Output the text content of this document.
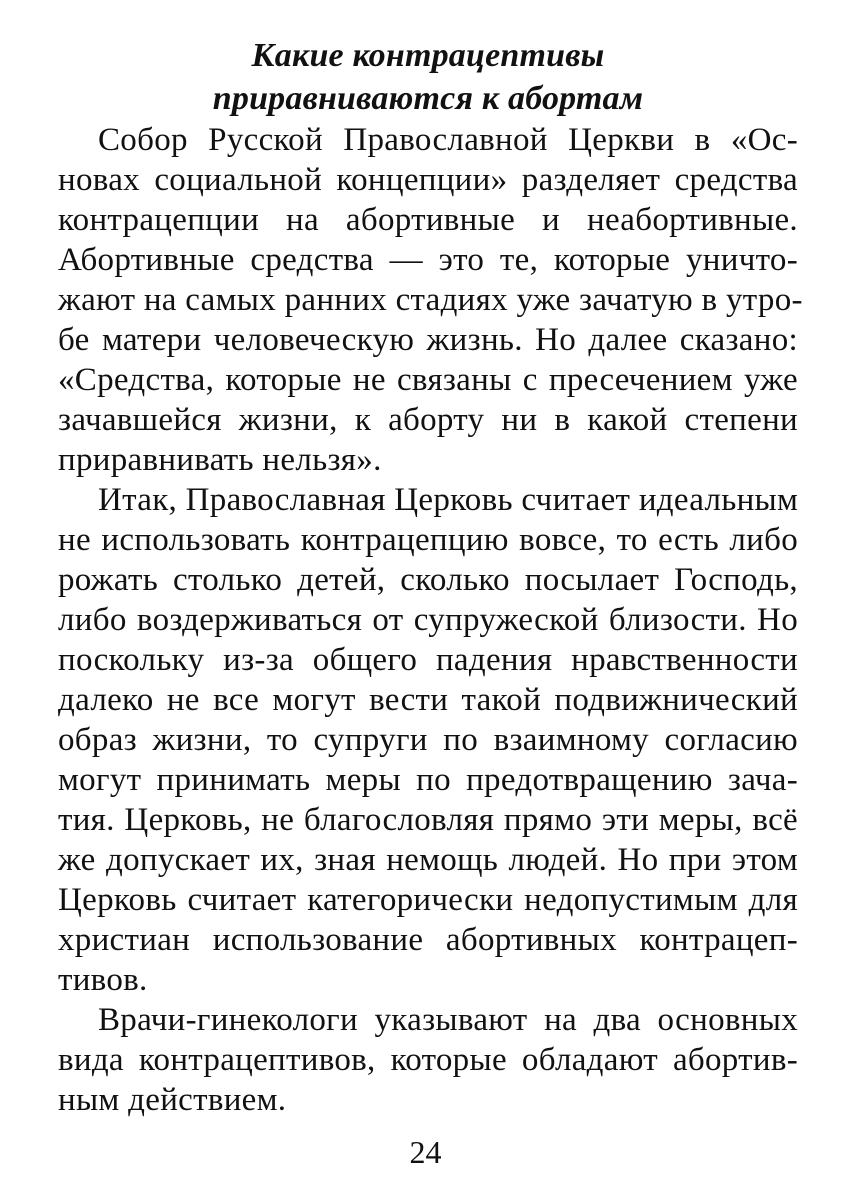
Какие контрацептивы
приравниваются к абортам

Собор Русской Православной Церкви в «Ос-
новах социальной концепции» разделяет средства
контрацепции на абортивные и неабортивные.
Абортивные средства — это те, которые уничто-
жают на самых ранних стадиях уже зачатую в утро-
бе матери человеческую жизнь. Но далее сказано:
«Средства, которые не связаны с пресечением уже
зачавшейся жизни, к аборту ни в какой степени
приравнивать нельзя».

Итак, Православная Церковь считает идеальным
не использовать контрацепцию вовсе, то есть либо
рожать столько детей, сколько посылает Господь,
либо воздерживаться от супружеской близости. Но
поскольку из-за общего падения нравственности
далеко не все могут вести такой подвижнический
образ жизни, то супруги по взаимному согласию
могут принимать меры по предотвращению зача-
тия. Церковь, не благословляя прямо эти меры, всё
же допускает их, зная немощь людей. Но при этом
Церковь считает категорически недопустимым для
христиан использование абортивных контрацеп-
тивов.

Врачи-гинекологи указывают на два основных
вида контрацептивов, которые обладают абортив-
ным действием.

24
